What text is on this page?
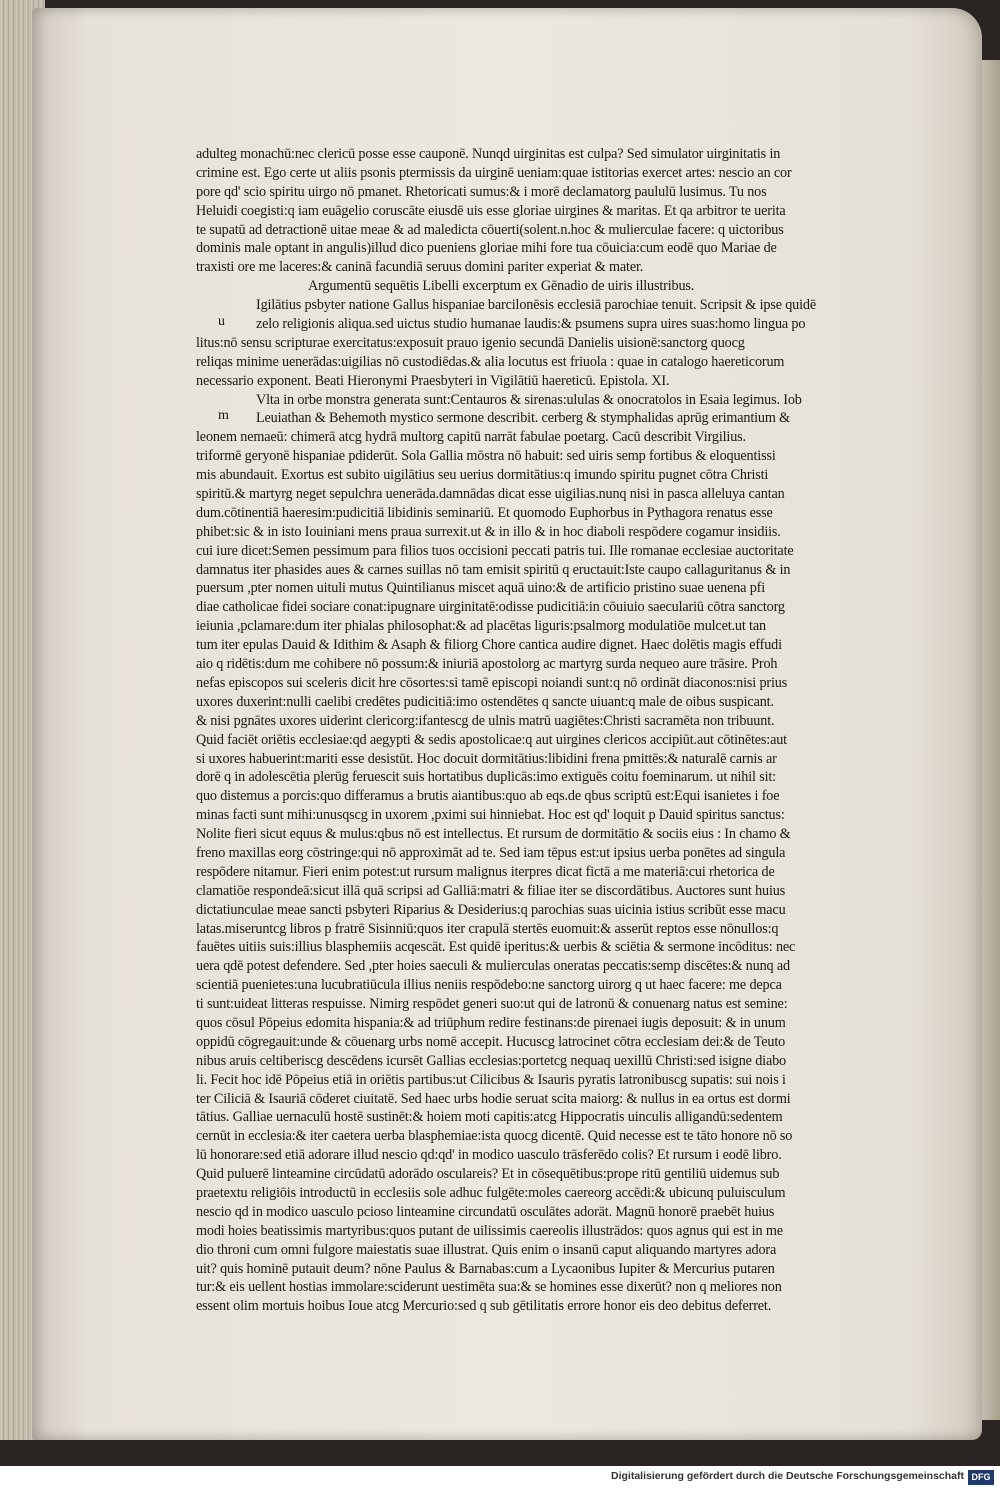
adulteg monachū:nec clericū posse esse cauponē. Nunqd uirginitas est culpa? Sed simulator uirginitatis in
crimine est. Ego certe ut aliis psonis ptermissis da uirginē ueniam:quae istitorias exercet artes: nescio an cor
pore qd' scio spiritu uirgo nō pmanet. Rhetoricati sumus:& i morē declamatorg paululū lusimus. Tu nos
Heluidi coegisti:q iam euāgelio coruscāte eiusdē uis esse gloriae uirgines & maritas. Et qa arbitror te uerita
te supatū ad detractionē uitae meae & ad maledicta cōuerti(solent.n.hoc & mulierculae facere: q uictoribus
dominis male optant in angulis)illud dico pueniens gloriae mihi fore tua cōuicia:cum eodē quo Mariae de
traxisti ore me laceres:& caninā facundiā seruus domini pariter experiat & mater.
Argumentū sequētis Libelli excerptum ex Gēnadio de uiris illustribus.
Igilātius psbyter natione Gallus hispaniae barcilonēsis ecclesiā parochiae tenuit. Scripsit & ipse quidē
zelo religionis aliqua.sed uictus studio humanae laudis:& psumens supra uires suas:homo lingua po
litus:nō sensu scripturae exercitatus:exposuit prauo igenio secundā Danielis uisionē:sanctorg quocg
reliqas minime uenerādas:uigilias nō custodiēdas.& alia locutus est friuola : quae in catalogo haereticorum
necessario exponent. Beati Hieronymi Praesbyteri in Vigilātiū haereticū. Epistola. XI.
Vlta in orbe monstra generata sunt:Centauros & sirenas:ululas & onocratolos in Esaia legimus. Iob
Leuiathan & Behemoth mystico sermone describit. cerberg & stymphalidas aprūg erimantium &
leonem nemaeū: chimerā atcg hydrā multorg capitū narrāt fabulae poetarg. Cacū describit Virgilius.
triformē geryonē hispaniae pdiderūt. Sola Gallia mōstra nō habuit: sed uiris semp fortibus & eloquentissi
mis abundauit. Exortus est subito uigilātius seu uerius dormitātius:q imundo spiritu pugnet cōtra Christi
spiritū.& martyrg neget sepulchra uenerāda.damnādas dicat esse uigilias.nunq nisi in pasca alleluya cantan
dum.cōtinentiā haeresim:pudicitiā libidinis seminariū. Et quomodo Euphorbus in Pythagora renatus esse
phibet:sic & in isto Iouiniani mens praua surrexit.ut & in illo & in hoc diaboli respōdere cogamur insidiis.
cui iure dicet:Semen pessimum para filios tuos occisioni peccati patris tui. Ille romanae ecclesiae auctoritate
damnatus iter phasides aues & carnes suillas nō tam emisit spiritū q eructauit:Iste caupo callaguritanus & in
puersum ,pter nomen uituli mutus Quintilianus miscet aquā uino:& de artificio pristino suae uenena pfi
diae catholicae fidei sociare conat:ipugnare uirginitatē:odisse pudicitiā:in cōuiuio saeculariū cōtra sanctorg
ieiunia ,pclamare:dum iter phialas philosophat:& ad placētas liguris:psalmorg modulatiōe mulcet.ut tan
tum iter epulas Dauid & Idithim & Asaph & filiorg Chore cantica audire dignet. Haec dolētis magis effudi
aio q ridētis:dum me cohibere nō possum:& iniuriā apostolorg ac martyrg surda nequeo aure trāsire. Proh
nefas episcopos sui sceleris dicit hre cōsortes:si tamē episcopi noiandi sunt:q nō ordināt diaconos:nisi prius
uxores duxerint:nulli caelibi credētes pudicitiā:imo ostendētes q sancte uiuant:q male de oibus suspicant.
& nisi pgnātes uxores uiderint clericorg:ifantescg de ulnis matrū uagiētes:Christi sacramēta non tribuunt.
Quid faciēt oriētis ecclesiae:qd aegypti & sedis apostolicae:q aut uirgines clericos accipiūt.aut cōtinētes:aut
si uxores habuerint:mariti esse desistūt. Hoc docuit dormitātius:libidini frena pmittēs:& naturalē carnis ar
dorē q in adolescētia plerūg feruescit suis hortatibus duplicās:imo extiguēs coitu foeminarum. ut nihil sit:
quo distemus a porcis:quo differamus a brutis aiantibus:quo ab eqs.de qbus scriptū est:Equi isanietes i foe
minas facti sunt mihi:unusqscg in uxorem ,pximi sui hinniebat. Hoc est qd' loquit p Dauid spiritus sanctus:
Nolite fieri sicut equus & mulus:qbus nō est intellectus. Et rursum de dormitātio & sociis eius : In chamo &
freno maxillas eorg cōstringe:qui nō approximāt ad te. Sed iam tēpus est:ut ipsius uerba ponētes ad singula
respōdere nitamur. Fieri enim potest:ut rursum malignus iterpres dicat fictā a me materiā:cui rhetorica de
clamatiōe respondeā:sicut illā quā scripsi ad Galliā:matri & filiae iter se discordātibus. Auctores sunt huius
dictatiunculae meae sancti psbyteri Riparius & Desiderius:q parochias suas uicinia istius scribūt esse macu
latas.miseruntcg libros p fratrē Sisinniū:quos iter crapulā stertēs euomuit:& asserūt reptos esse nōnullos:q
fauētes uitiis suis:illius blasphemiis acqescāt. Est quidē iperitus:& uerbis & sciētia & sermone incōditus: nec
uera qdē potest defendere. Sed ,pter hoies saeculi & mulierculas oneratas peccatis:semp discētes:& nunq ad
scientiā puenietes:una lucubratiūcula illius neniis respōdebo:ne sanctorg uirorg q ut haec facere: me depca
ti sunt:uideat litteras respuisse. Nimirg respōdet generi suo:ut qui de latronū & conuenarg natus est semine:
quos cōsul Pōpeius edomita hispania:& ad triūphum redire festinans:de pirenaei iugis deposuit: & in unum
oppidū cōgregauit:unde & cōuenarg urbs nomē accepit. Hucuscg latrocinet cōtra ecclesiam dei:& de Teuto
nibus aruis celtiberiscg descēdens icursēt Gallias ecclesias:portetcg nequaq uexillū Christi:sed isigne diabo
li. Fecit hoc idē Pōpeius etiā in oriētis partibus:ut Cilicibus & Isauris pyratis latronibuscg supatis: sui nois i
ter Ciliciā & Isauriā cōderet ciuitatē. Sed haec urbs hodie seruat scita maiorg: & nullus in ea ortus est dormi
tātius. Galliae uernaculū hostē sustinēt:& hoiem moti capitis:atcg Hippocratis uinculis alligandū:sedentem
cernūt in ecclesia:& iter caetera uerba blasphemiae:ista quocg dicentē. Quid necesse est te tāto honore nō so
lū honorare:sed etiā adorare illud nescio qd:qd' in modico uasculo trāsferēdo colis? Et rursum i eodē libro.
Quid puluerē linteamine circūdatū adorādo osculareis? Et in cōsequētibus:prope ritū gentiliū uidemus sub
praetextu religiōis introductū in ecclesiis sole adhuc fulgēte:moles caereorg accēdi:& ubicunq puluisculum
nescio qd in modico uasculo pcioso linteamine circundatū osculātes adorāt. Magnū honorē praebēt huius
modi hoies beatissimis martyribus:quos putant de uilissimis caereolis illustrādos: quos agnus qui est in me
dio throni cum omni fulgore maiestatis suae illustrat. Quis enim o insanū caput aliquando martyres adora
uit? quis hominē putauit deum? nōne Paulus & Barnabas:cum a Lycaonibus Iupiter & Mercurius putaren
tur:& eis uellent hostias immolare:sciderunt uestimēta sua:& se homines esse dixerūt? non q meliores non
essent olim mortuis hoibus Ioue atcg Mercurio:sed q sub gētilitatis errore honor eis deo debitus deferret.
u
m
Digitalisierung gefördert durch die Deutsche Forschungsgemeinschaft DFG
